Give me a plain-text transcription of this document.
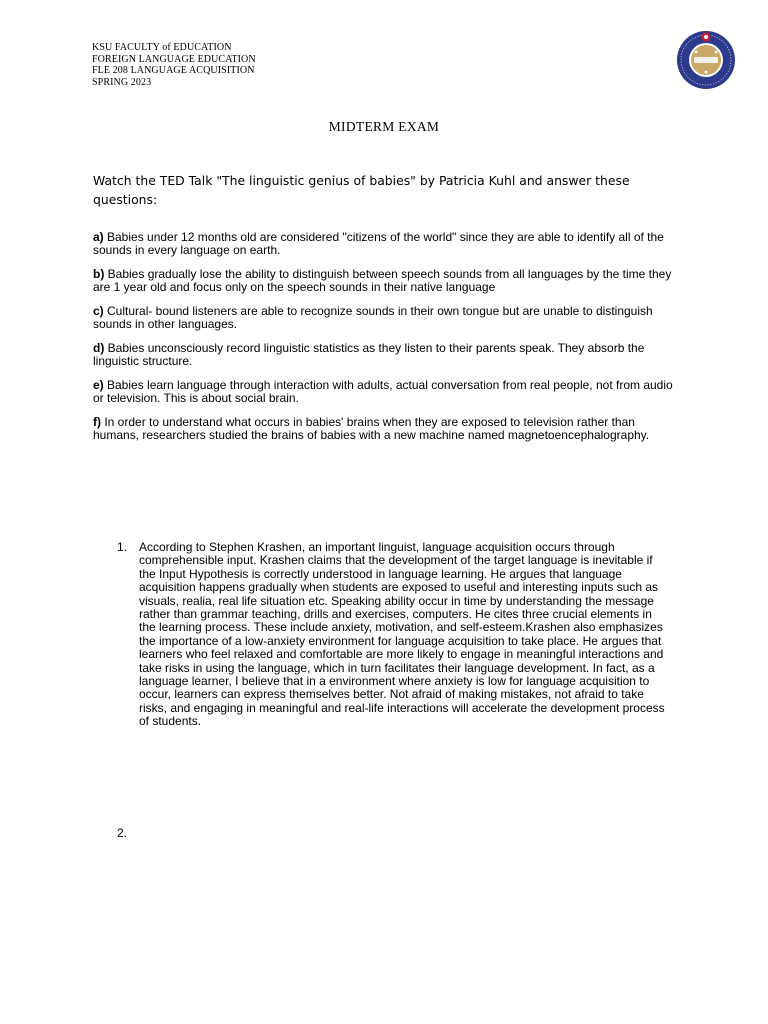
KSU FACULTY of EDUCATION
FOREIGN LANGUAGE EDUCATION
FLE 208 LANGUAGE ACQUISITION
SPRING 2023
MIDTERM EXAM
Watch the TED Talk "The linguistic genius of babies" by Patricia Kuhl and answer these questions:
a) Babies under 12 months old are considered "citizens of the world" since they are able to identify all of the sounds in every language on earth.
b) Babies gradually lose the ability to distinguish between speech sounds from all languages by the time they are 1 year old and focus only on the speech sounds in their native language
c) Cultural- bound listeners are able to recognize sounds in their own tongue but are unable to distinguish sounds in other languages.
d) Babies unconsciously record linguistic statistics as they listen to their parents speak. They absorb the linguistic structure.
e) Babies learn language through interaction with adults, actual conversation from real people, not from audio or television. This is about social brain.
f) In order to understand what occurs in babies' brains when they are exposed to television rather than humans, researchers studied the brains of babies with a new machine named magnetoencephalography.
1. According to Stephen Krashen, an important linguist, language acquisition occurs through comprehensible input. Krashen claims that the development of the target language is inevitable if the Input Hypothesis is correctly understood in language learning. He argues that language acquisition happens gradually when students are exposed to useful and interesting inputs such as visuals, realia, real life situation etc. Speaking ability occur in time by understanding the message rather than grammar teaching, drills and exercises, computers. He cites three crucial elements in the learning process. These include anxiety, motivation, and self-esteem.Krashen also emphasizes the importance of a low-anxiety environment for language acquisition to take place. He argues that learners who feel relaxed and comfortable are more likely to engage in meaningful interactions and take risks in using the language, which in turn facilitates their language development. In fact, as a language learner, I believe that in a environment where anxiety is low for language acquisition to occur, learners can express themselves better. Not afraid of making mistakes, not afraid to take risks, and engaging in meaningful and real-life interactions will accelerate the development process of students.
2.
